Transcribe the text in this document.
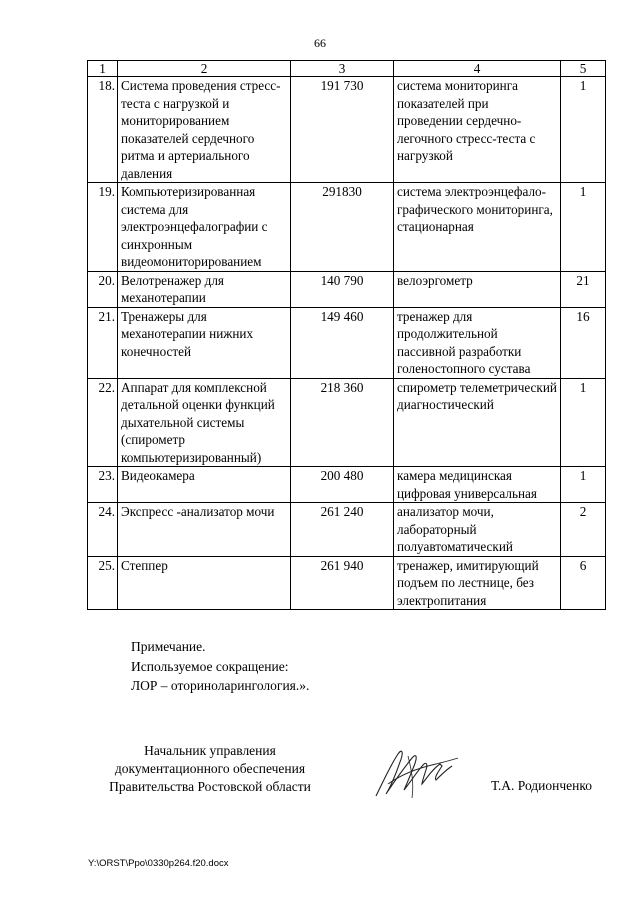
66
1	2	3	4	5
18.	Система проведения стресс-теста с нагрузкой и мониторированием показателей сердечного ритма и артериального давления	191 730	система мониторинга показателей при проведении сердечно-легочного стресс-теста с нагрузкой	1
19.	Компьютеризированная система для электроэнцефалографии с синхронным видеомониторированием	291830	система электроэнцефало-графического мониторинга, стационарная	1
20.	Велотренажер для механотерапии	140 790	велоэргометр	21
21.	Тренажеры для механотерапии нижних конечностей	149 460	тренажер для продолжительной пассивной разработки голеностопного сустава	16
22.	Аппарат для комплексной детальной оценки функций дыхательной системы (спирометр компьютеризированный)	218 360	спирометр телеметрический диагностический	1
23.	Видеокамера	200 480	камера медицинская цифровая универсальная	1
24.	Экспресс -анализатор мочи	261 240	анализатор мочи, лабораторный полуавтоматический	2
25.	Степпер	261 940	тренажер, имитирующий подъем по лестнице, без электропитания	6
Примечание.
Используемое сокращение:
ЛОР – оториноларингология.».
Начальник управления
документационного обеспечения
Правительства Ростовской области	Т.А. Родионченко
Y:\ORST\Ppo\0330p264.f20.docx
